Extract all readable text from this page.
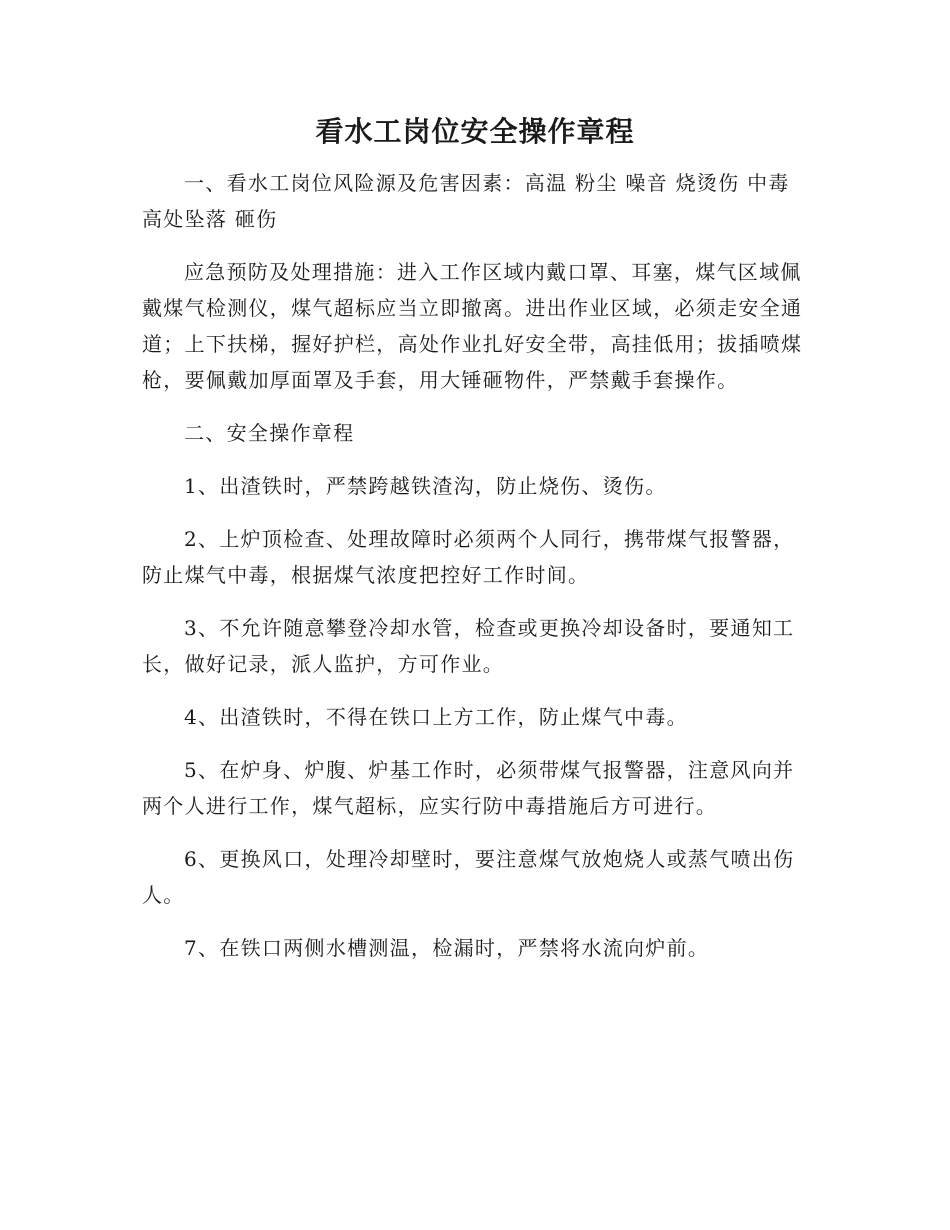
看水工岗位安全操作章程

一、看水工岗位风险源及危害因素：高温 粉尘 噪音 烧烫伤 中毒 高处坠落 砸伤

应急预防及处理措施：进入工作区域内戴口罩、耳塞，煤气区域佩戴煤气检测仪，煤气超标应当立即撤离。进出作业区域，必须走安全通道；上下扶梯，握好护栏，高处作业扎好安全带，高挂低用；拔插喷煤枪，要佩戴加厚面罩及手套，用大锤砸物件，严禁戴手套操作。

二、安全操作章程

1、出渣铁时，严禁跨越铁渣沟，防止烧伤、烫伤。

2、上炉顶检查、处理故障时必须两个人同行，携带煤气报警器，防止煤气中毒，根据煤气浓度把控好工作时间。

3、不允许随意攀登冷却水管，检查或更换冷却设备时，要通知工长，做好记录，派人监护，方可作业。

4、出渣铁时，不得在铁口上方工作，防止煤气中毒。

5、在炉身、炉腹、炉基工作时，必须带煤气报警器，注意风向并两个人进行工作，煤气超标，应实行防中毒措施后方可进行。

6、更换风口，处理冷却壁时，要注意煤气放炮烧人或蒸气喷出伤人。

7、在铁口两侧水槽测温，检漏时，严禁将水流向炉前。
